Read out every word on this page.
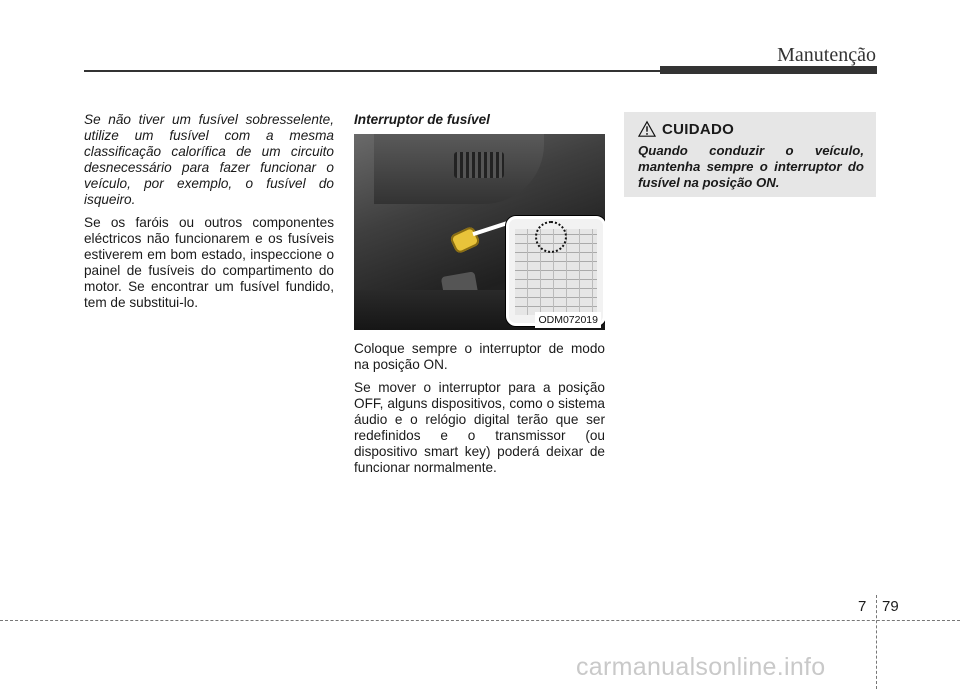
Manutenção

Se não tiver um fusível sobresselente, utilize um fusível com a mesma classificação calorífica de um circuito desnecessário para fazer funcionar o veículo, por exemplo, o fusível do isqueiro.

Se os faróis ou outros componentes eléctricos não funcionarem e os fusíveis estiverem em bom estado, inspeccione o painel de fusíveis do compartimento do motor. Se encontrar um fusível fundido, tem de substitui-lo.

Interruptor de fusível
ODM072019

Coloque sempre o interruptor de modo na posição ON.

Se mover o interruptor para a posição OFF, alguns dispositivos, como o sistema áudio e o relógio digital terão que ser redefinidos e o transmissor (ou dispositivo smart key) poderá deixar de funcionar normalmente.

CUIDADO

Quando conduzir o veículo, mantenha sempre o interruptor do fusível na posição ON.

7 79
carmanualsonline.info
